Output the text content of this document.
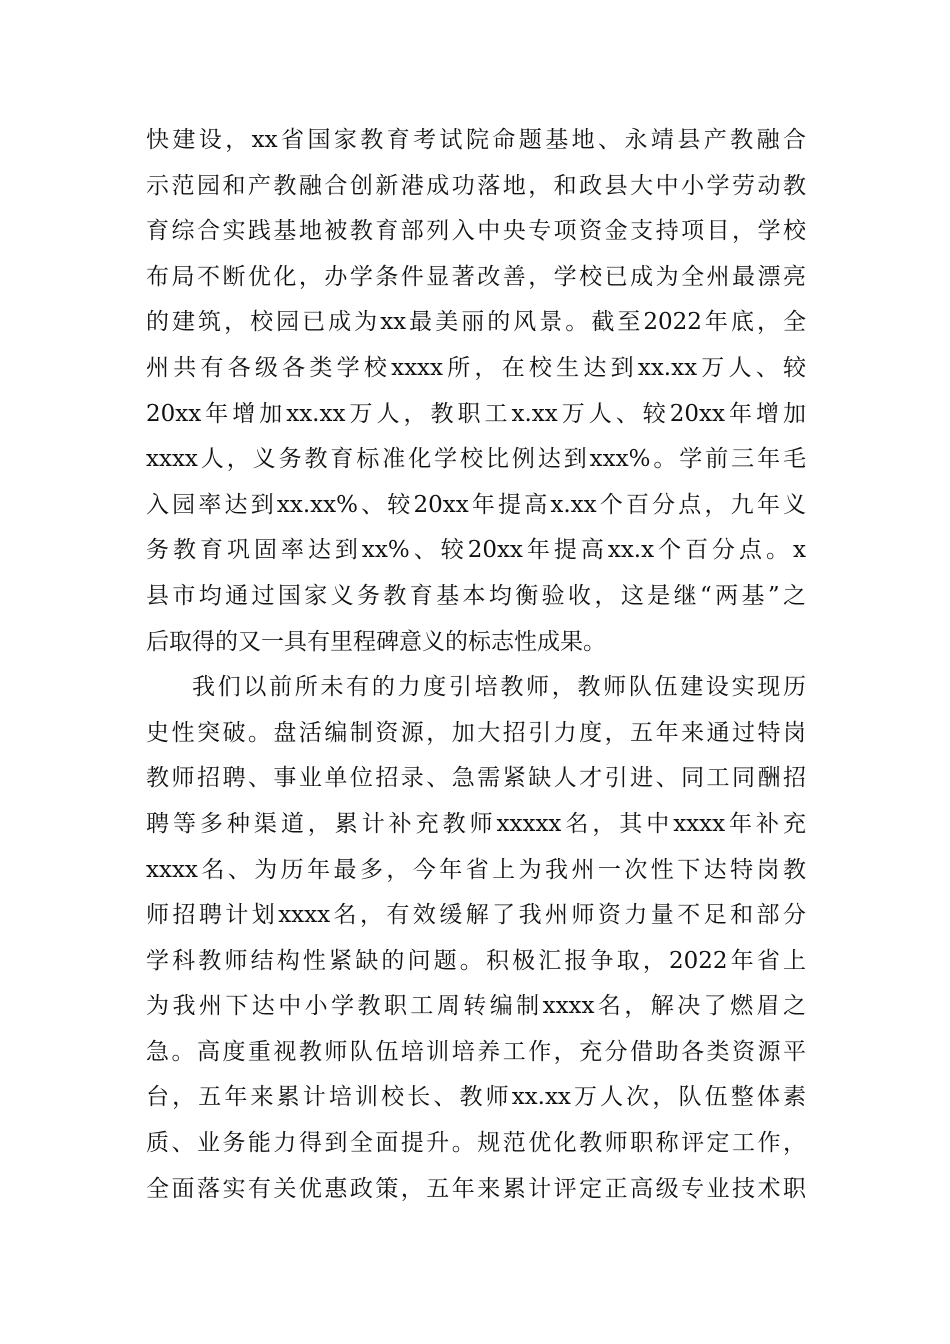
快建设，xx省国家教育考试院命题基地、永靖县产教融合
示范园和产教融合创新港成功落地，和政县大中小学劳动教
育综合实践基地被教育部列入中央专项资金支持项目，学校
布局不断优化，办学条件显著改善，学校已成为全州最漂亮
的建筑，校园已成为xx最美丽的风景。截至2022年底，全
州共有各级各类学校xxxx所，在校生达到xx.xx万人、较
20xx年增加xx.xx万人，教职工x.xx万人、较20xx年增加
xxxx人，义务教育标准化学校比例达到xxx%。学前三年毛
入园率达到xx.xx%、较20xx年提高x.xx个百分点，九年义
务教育巩固率达到xx%、较20xx年提高xx.x个百分点。x
县市均通过国家义务教育基本均衡验收，这是继“两基”之
后取得的又一具有里程碑意义的标志性成果。
我们以前所未有的力度引培教师，教师队伍建设实现历
史性突破。盘活编制资源，加大招引力度，五年来通过特岗
教师招聘、事业单位招录、急需紧缺人才引进、同工同酬招
聘等多种渠道，累计补充教师xxxxx名，其中xxxx年补充
xxxx名、为历年最多，今年省上为我州一次性下达特岗教
师招聘计划xxxx名，有效缓解了我州师资力量不足和部分
学科教师结构性紧缺的问题。积极汇报争取，2022年省上
为我州下达中小学教职工周转编制xxxx名，解决了燃眉之
急。高度重视教师队伍培训培养工作，充分借助各类资源平
台，五年来累计培训校长、教师xx.xx万人次，队伍整体素
质、业务能力得到全面提升。规范优化教师职称评定工作，
全面落实有关优惠政策，五年来累计评定正高级专业技术职
